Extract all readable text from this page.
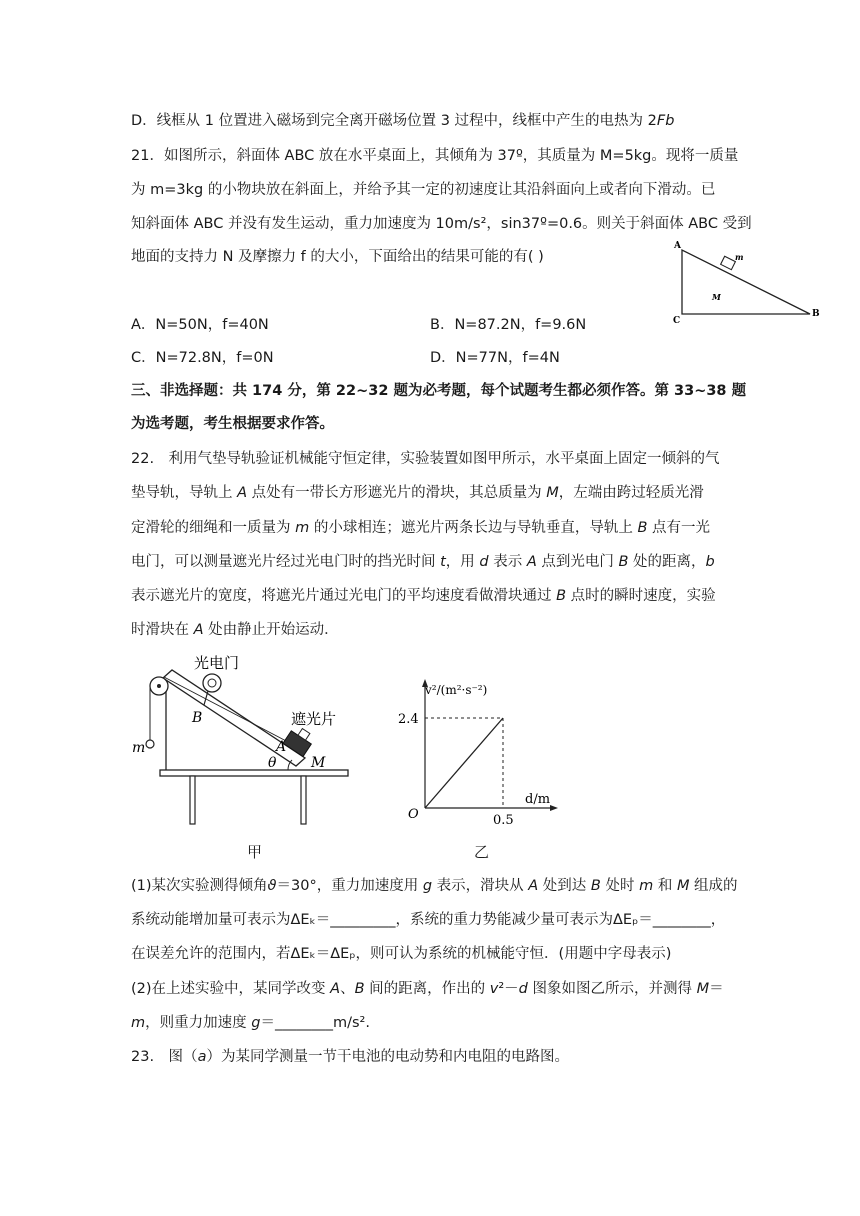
D．线框从 1 位置进入磁场到完全离开磁场位置 3 过程中，线框中产生的电热为 2Fb
21．如图所示，斜面体 ABC 放在水平桌面上，其倾角为 37º，其质量为 M=5kg。现将一质量
为 m=3kg 的小物块放在斜面上，并给予其一定的初速度让其沿斜面向上或者向下滑动。已
知斜面体 ABC 并没有发生运动，重力加速度为 10m/s²，sin37º=0.6。则关于斜面体 ABC 受到
地面的支持力 N 及摩擦力 f 的大小，下面给出的结果可能的有( )
A
B
C
m
M
A．N=50N，f=40N	B．N=87.2N，f=9.6N
C．N=72.8N，f=0N	D．N=77N，f=4N
三、非选择题：共 174 分，第 22~32 题为必考题，每个试题考生都必须作答。第 33~38 题
为选考题，考生根据要求作答。
22.　利用气垫导轨验证机械能守恒定律，实验装置如图甲所示，水平桌面上固定一倾斜的气
垫导轨，导轨上 A 点处有一带长方形遮光片的滑块，其总质量为 M，左端由跨过轻质光滑
定滑轮的细绳和一质量为 m 的小球相连；遮光片两条长边与导轨垂直，导轨上 B 点有一光
电门，可以测量遮光片经过光电门时的挡光时间 t，用 d 表示 A 点到光电门 B 处的距离，b
表示遮光片的宽度，将遮光片通过光电门的平均速度看做滑块通过 B 点时的瞬时速度，实验
时滑块在 A 处由静止开始运动．
光电门
遮光片
B
A
θ M
m
甲
v²/(m²·s⁻²)
d/m
2.4
0.5
O
乙
(1)某次实验测得倾角ϑ＝30°，重力加速度用 g 表示，滑块从 A 处到达 B 处时 m 和 M 组成的
系统动能增加量可表示为ΔEₖ＝_________，系统的重力势能减少量可表示为ΔEₚ＝________，
在误差允许的范围内，若ΔEₖ＝ΔEₚ，则可认为系统的机械能守恒．(用题中字母表示)
(2)在上述实验中，某同学改变 A、B 间的距离，作出的 v²－d 图象如图乙所示，并测得 M＝
m，则重力加速度 g＝________m/s².
23.　图（a）为某同学测量一节干电池的电动势和内电阻的电路图。
